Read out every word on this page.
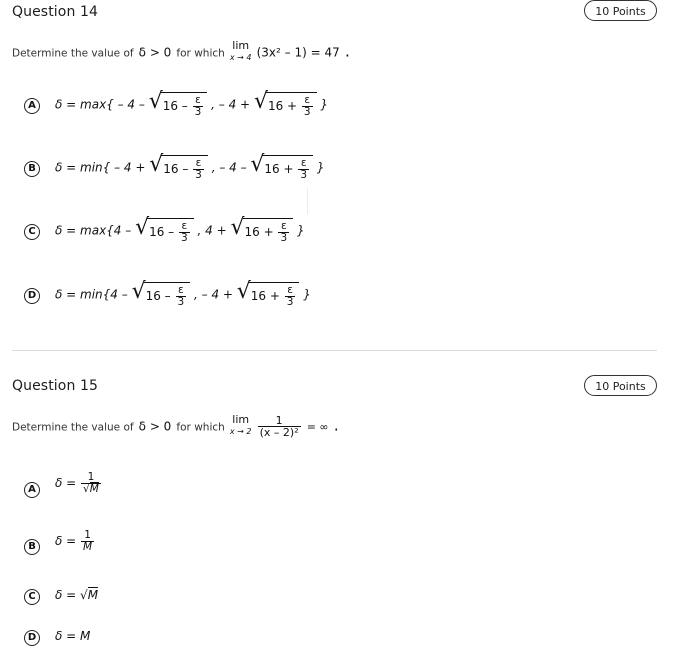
Question 14	10 Points
Determine the value of δ > 0 for which lim
x → 4 (3x² – 1) = 47 .
A	δ = max{ – 4 – √ $16 - \frac{\varepsilon}{3}$ , – 4 + √ $16 + \frac{\varepsilon}{3}$ }
B	δ = min{ – 4 + √ $16 - \frac{\varepsilon}{3}$ , – 4 – √ $16 + \frac{\varepsilon}{3}$ }
C	δ = max{4 – √ $16 - \frac{\varepsilon}{3}$ , 4 + √ $16 + \frac{\varepsilon}{3}$ }
D	δ = min{4 – √ $16 - \frac{\varepsilon}{3}$ , – 4 + √ $16 + \frac{\varepsilon}{3}$ }
Question 15	10 Points
Determine the value of δ > 0 for which lim
x → 2
$\frac{1}{\text{(x – 2)²}}$ = ∞ .
A	$\delta = \frac{1}{√M}$
B	$\delta = \frac{1}{M}$
C	δ = √M
D	δ = M
